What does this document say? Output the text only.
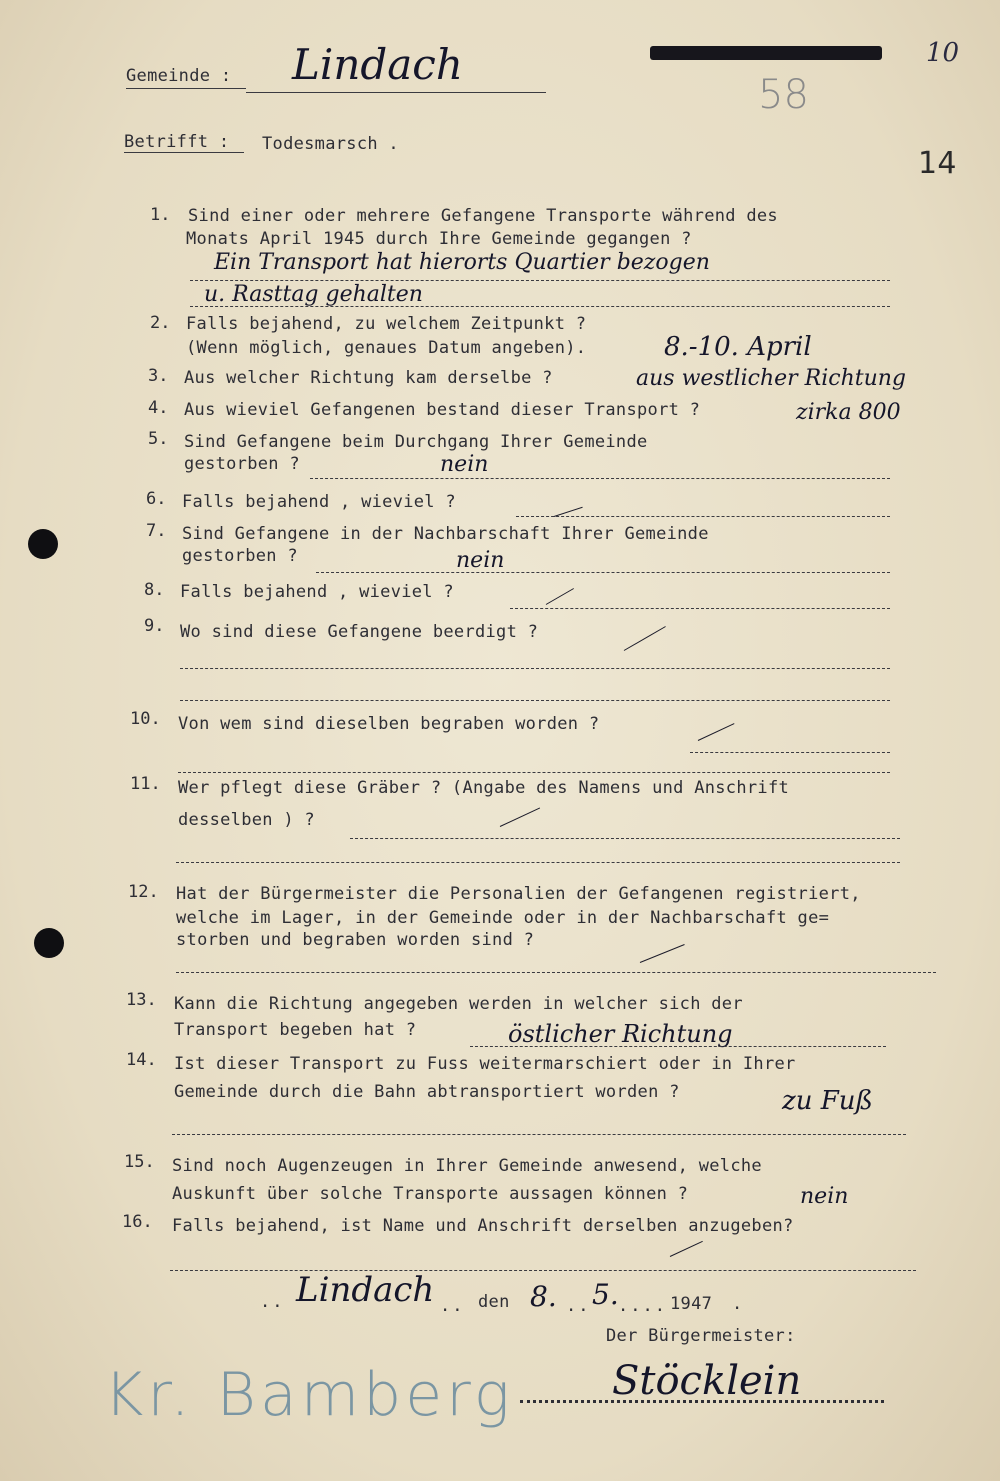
Gemeinde : Lindach	10
58
14
Betrifft : Todesmarsch .
1. Sind einer oder mehrere Gefangene Transporte während des
Monats April 1945 durch Ihre Gemeinde gegangen ?
Ein Transport hat hierorts Quartier bezogen
u. Rasttag gehalten
2. Falls bejahend, zu welchem Zeitpunkt ?
(Wenn möglich, genaues Datum angeben).	8.-10. April
3. Aus welcher Richtung kam derselbe ?	aus westlicher Richtung
4. Aus wieviel Gefangenen bestand dieser Transport ?	zirka 800
5. Sind Gefangene beim Durchgang Ihrer Gemeinde
gestorben ?	nein
6. Falls bejahend , wieviel ?
7. Sind Gefangene in der Nachbarschaft Ihrer Gemeinde
gestorben ?	nein
8. Falls bejahend , wieviel ?
9. Wo sind diese Gefangene beerdigt ?
10. Von wem sind dieselben begraben worden ?
11. Wer pflegt diese Gräber ? (Angabe des Namens und Anschrift
desselben ) ?
12. Hat der Bürgermeister die Personalien der Gefangenen registriert,
welche im Lager, in der Gemeinde oder in der Nachbarschaft ge=
storben und begraben worden sind ?
13. Kann die Richtung angegeben werden in welcher sich der
Transport begeben hat ?	östlicher Richtung
14. Ist dieser Transport zu Fuss weitermarschiert oder in Ihrer
Gemeinde durch die Bahn abtransportiert worden ?	zu Fuß
15. Sind noch Augenzeugen in Ihrer Gemeinde anwesend, welche
Auskunft über solche Transporte aussagen können ?	nein
16. Falls bejahend, ist Name und Anschrift derselben anzugeben?
.. Lindach .. den 8. .. 5. .... 1947 .
Der Bürgermeister:
Stöcklein
Kr. Bamberg
